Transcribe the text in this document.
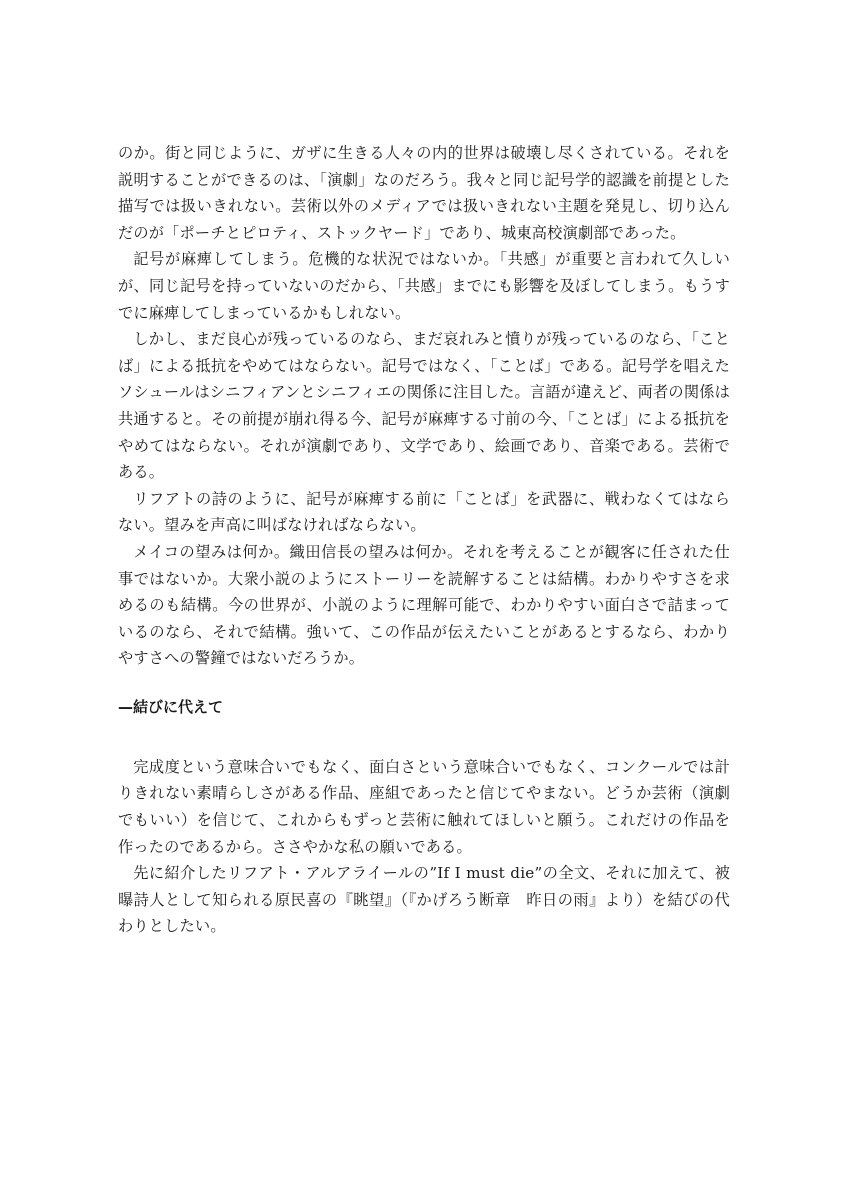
のか。街と同じように、ガザに生きる人々の内的世界は破壊し尽くされている。それを説明することができるのは、「演劇」なのだろう。我々と同じ記号学的認識を前提とした描写では扱いきれない。芸術以外のメディアでは扱いきれない主題を発見し、切り込んだのが「ポーチとピロティ、ストックヤード」であり、城東高校演劇部であった。

記号が麻痺してしまう。危機的な状況ではないか。「共感」が重要と言われて久しいが、同じ記号を持っていないのだから、「共感」までにも影響を及ぼしてしまう。もうすでに麻痺してしまっているかもしれない。

しかし、まだ良心が残っているのなら、まだ哀れみと憤りが残っているのなら、「ことば」による抵抗をやめてはならない。記号ではなく、「ことば」である。記号学を唱えたソシュールはシニフィアンとシニフィエの関係に注目した。言語が違えど、両者の関係は共通すると。その前提が崩れ得る今、記号が麻痺する寸前の今、「ことば」による抵抗をやめてはならない。それが演劇であり、文学であり、絵画であり、音楽である。芸術である。

リフアトの詩のように、記号が麻痺する前に「ことば」を武器に、戦わなくてはならない。望みを声高に叫ばなければならない。

メイコの望みは何か。織田信長の望みは何か。それを考えることが観客に任された仕事ではないか。大衆小説のようにストーリーを読解することは結構。わかりやすさを求めるのも結構。今の世界が、小説のように理解可能で、わかりやすい面白さで詰まっているのなら、それで結構。強いて、この作品が伝えたいことがあるとするなら、わかりやすさへの警鐘ではないだろうか。

—結びに代えて

完成度という意味合いでもなく、面白さという意味合いでもなく、コンクールでは計りきれない素晴らしさがある作品、座組であったと信じてやまない。どうか芸術（演劇でもいい）を信じて、これからもずっと芸術に触れてほしいと願う。これだけの作品を作ったのであるから。ささやかな私の願いである。

先に紹介したリフアト・アルアライールの”If I must die”の全文、それに加えて、被曝詩人として知られる原民喜の『眺望』（『かげろう断章　昨日の雨』より）を結びの代わりとしたい。
